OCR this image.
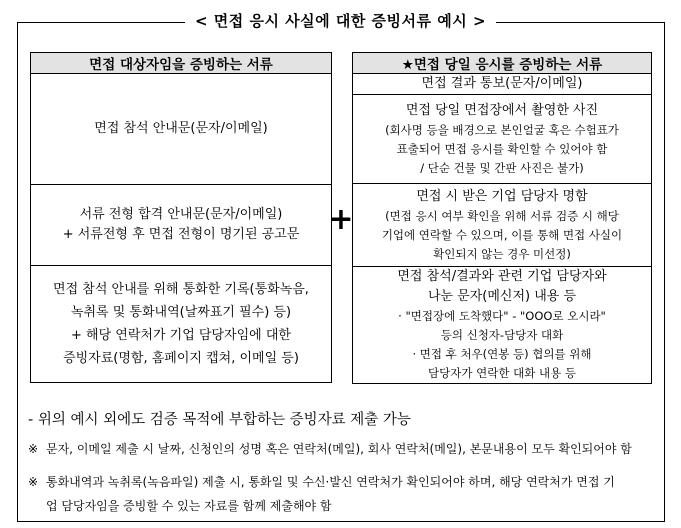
< 면접 응시 사실에 대한 증빙서류 예시 >
면접 대상자임을 증빙하는 서류

면접 참석 안내문(문자/이메일)

서류 전형 합격 안내문(문자/이메일)
+ 서류전형 후 면접 전형이 명기된 공고문

면접 참석 안내를 위해 통화한 기록(통화녹음,
녹취록 및 통화내역(날짜표기 필수) 등)
+ 해당 연락처가 기업 담당자임에 대한
증빙자료(명함, 홈페이지 캡쳐, 이메일 등)
+
★면접 당일 응시를 증빙하는 서류

면접 결과 통보(문자/이메일)

면접 당일 면접장에서 촬영한 사진
(회사명 등을 배경으로 본인얼굴 혹은 수험표가
표출되어 면접 응시를 확인할 수 있어야 함
/ 단순 건물 및 간판 사진은 불가)

면접 시 받은 기업 담당자 명함
(면접 응시 여부 확인을 위해 서류 검증 시 해당
기업에 연락할 수 있으며, 이를 통해 면접 사실이
확인되지 않는 경우 미선정)

면접 참석/결과와 관련 기업 담당자와
나눈 문자(메신저) 내용 등
· "면접장에 도착했다" - "OOO로 오시라"
등의 신청자-담당자 대화
· 면접 후 처우(연봉 등) 협의를 위해
담당자가 연락한 대화 내용 등
- 위의 예시 외에도 검증 목적에 부합하는 증빙자료 제출 가능
※ 문자, 이메일 제출 시 날짜, 신청인의 성명 혹은 연락처(메일), 회사 연락처(메일), 본문내용이 모두 확인되어야 함
※ 통화내역과 녹취록(녹음파일) 제출 시, 통화일 및 수신·발신 연락처가 확인되어야 하며, 해당 연락처가 면접 기
업 담당자임을 증빙할 수 있는 자료를 함께 제출해야 함
